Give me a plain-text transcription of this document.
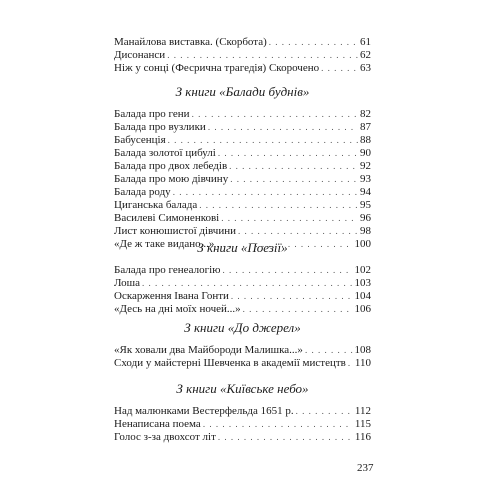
Манайлова виставка. (Скорбота) . . .	61
Дисонанси . . .	62
Ніж у сонці (Фесрична трагедія) Скорочено . . .	63
З книги «Балади буднів»
Балада про гени . . .	82
Балада про вузлики . . .	87
Бабусенція . . .	88
Балада золотої цибулі . . .	90
Балада про двох лебедів . . .	92
Балада про мою дівчину . . .	93
Балада роду . . .	94
Циганська балада . . .	95
Василеві Симоненкові . . .	96
Лист конюшистої дівчини . . .	98
«Де ж таке видано...» . . .	100
З книги «Поезії»
Балада про генеалогію . . .	102
Лоша . . .	103
Оскарження Івана Гонти . . .	104
«Десь на дні моїх ночей...» . . .	106
З книги «До джерел»
«Як ховали два Майбороди Малишка...» . . .	108
Сходи у майстерні Шевченка в академії мистецтв . . . 110
З книги «Київське небо»
Над малюнками Вестерфельда 1651 р. . . .	112
Ненаписана поема . . .	115
Голос з-за двохсот літ . . .	116
237
